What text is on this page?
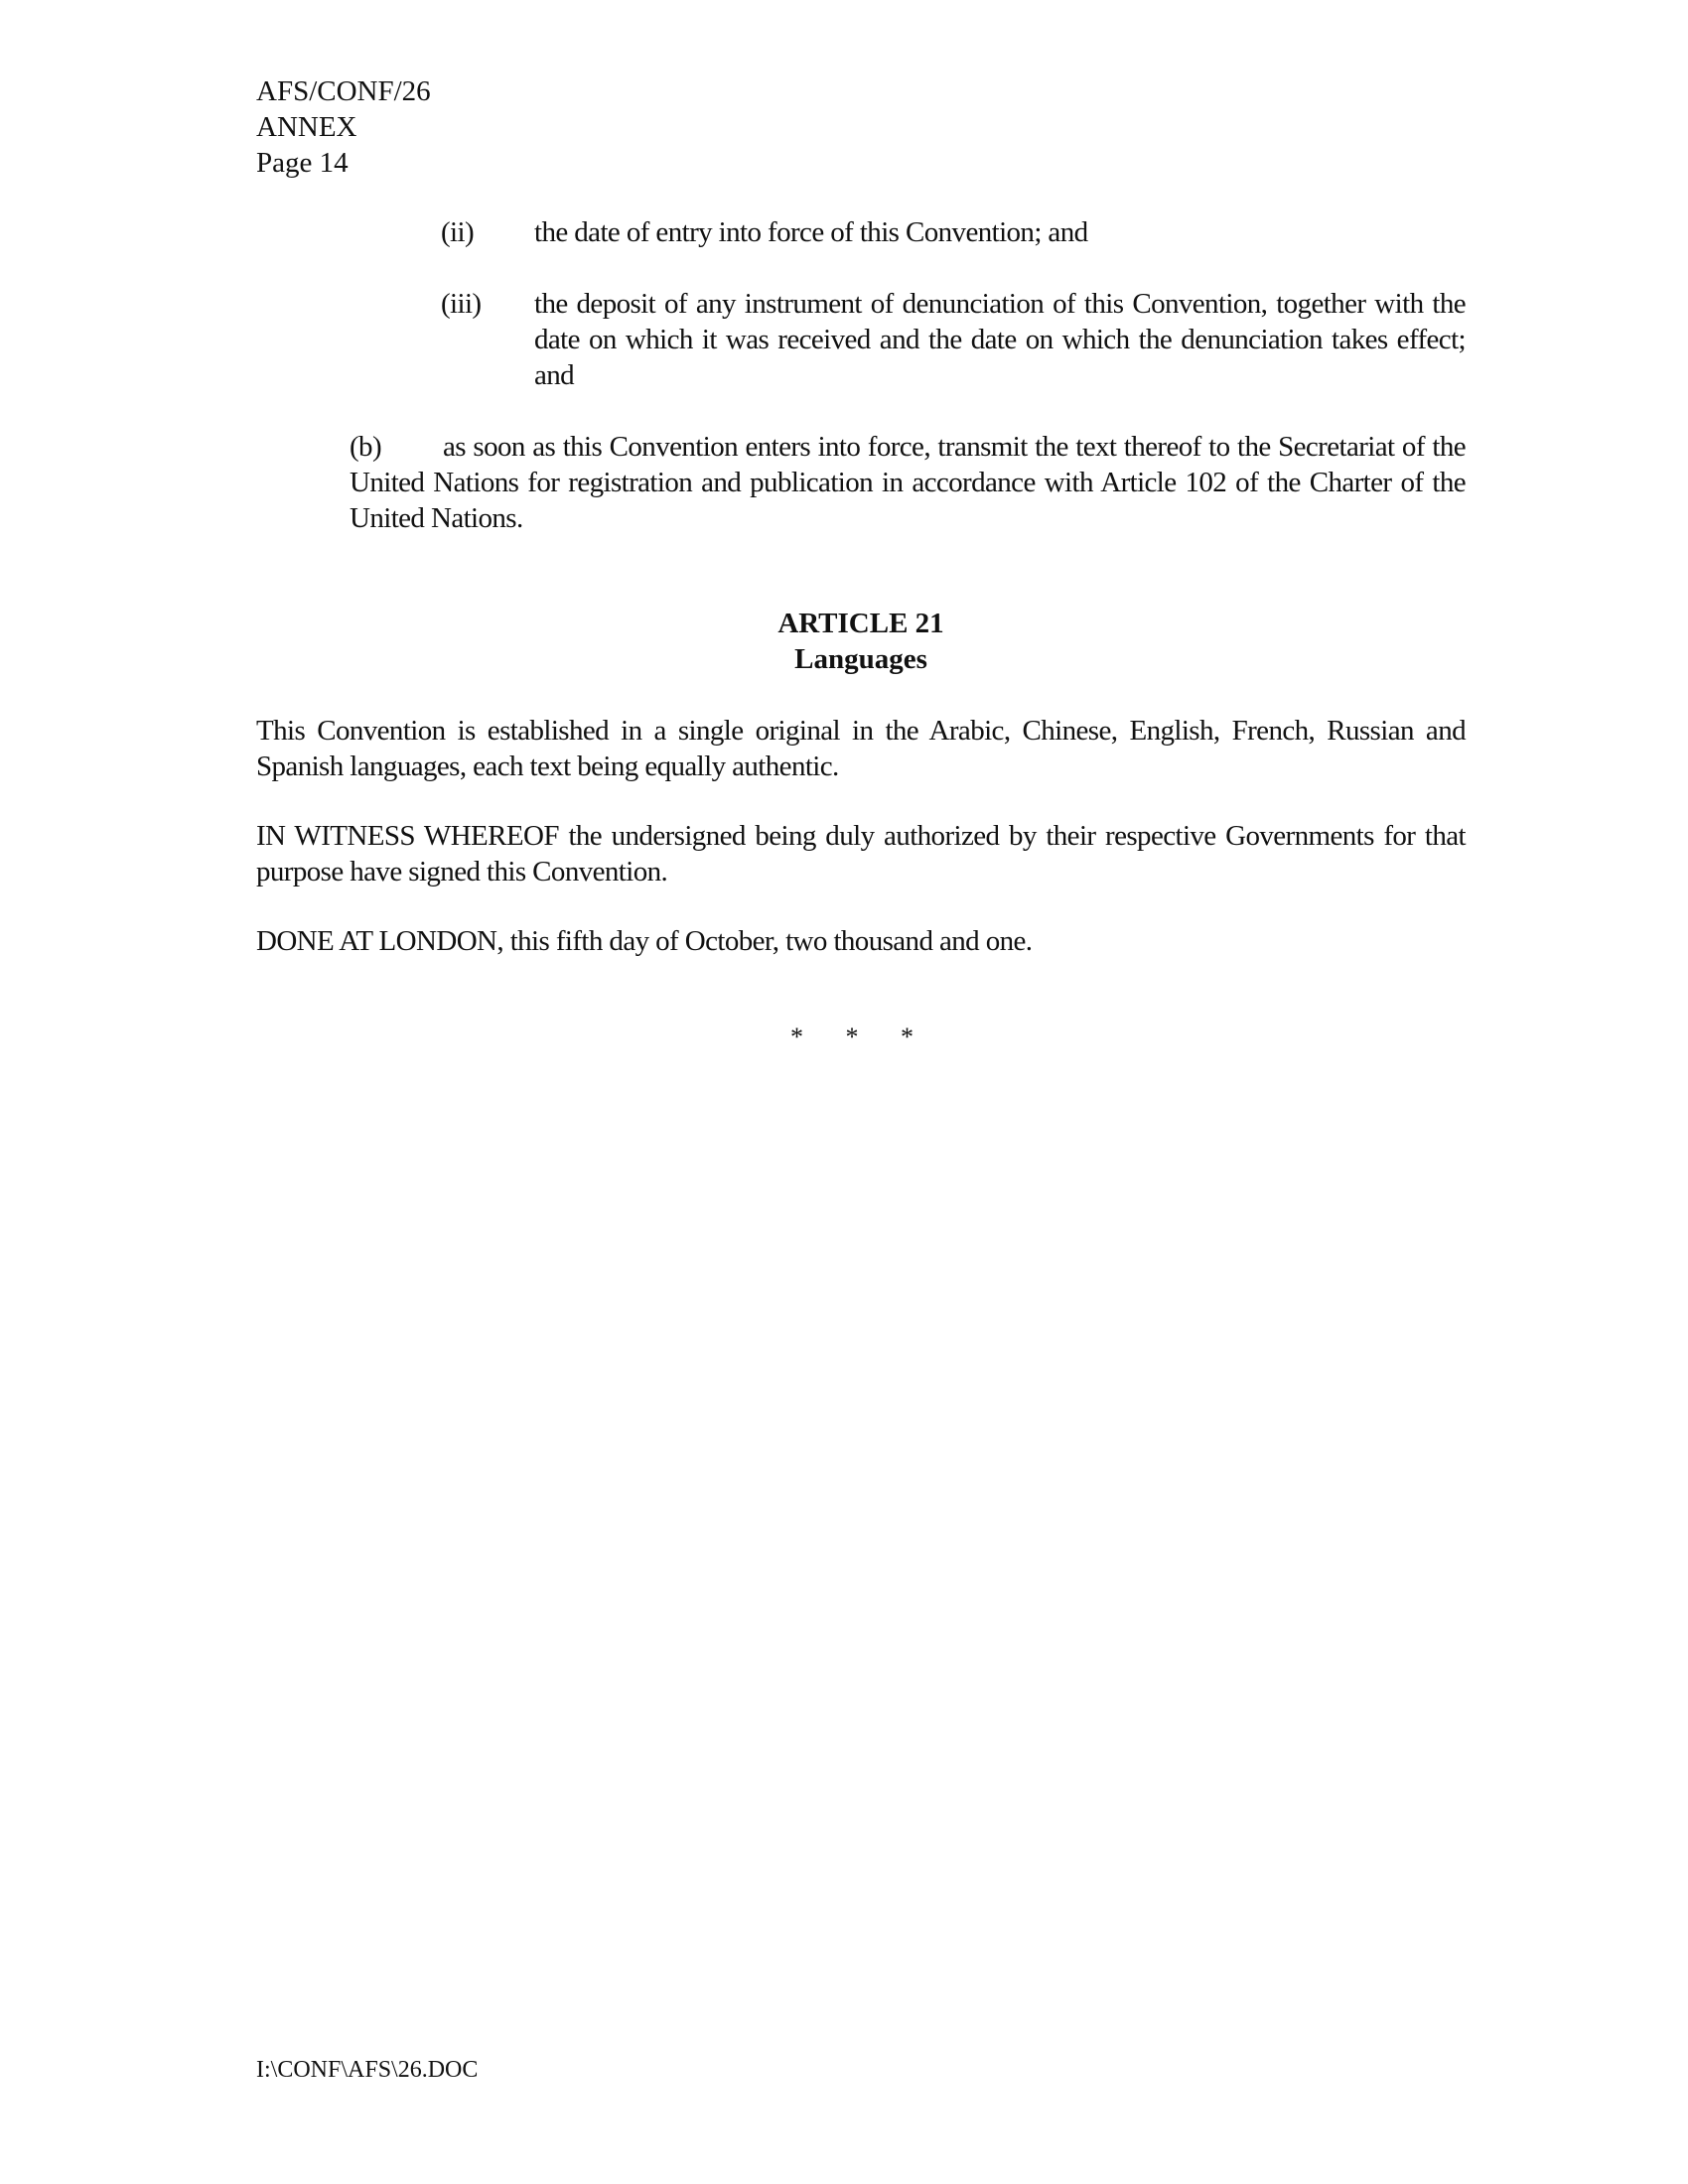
AFS/CONF/26
ANNEX
Page 14
(ii) the date of entry into force of this Convention; and
(iii) the deposit of any instrument of denunciation of this Convention, together with the date on which it was received and the date on which the denunciation takes effect; and
(b) as soon as this Convention enters into force, transmit the text thereof to the Secretariat of the United Nations for registration and publication in accordance with Article 102 of the Charter of the United Nations.
ARTICLE 21
Languages
This Convention is established in a single original in the Arabic, Chinese, English, French, Russian and Spanish languages, each text being equally authentic.
IN WITNESS WHEREOF the undersigned being duly authorized by their respective Governments for that purpose have signed this Convention.
DONE AT LONDON, this fifth day of October, two thousand and one.
* * *
I:\CONF\AFS\26.DOC
